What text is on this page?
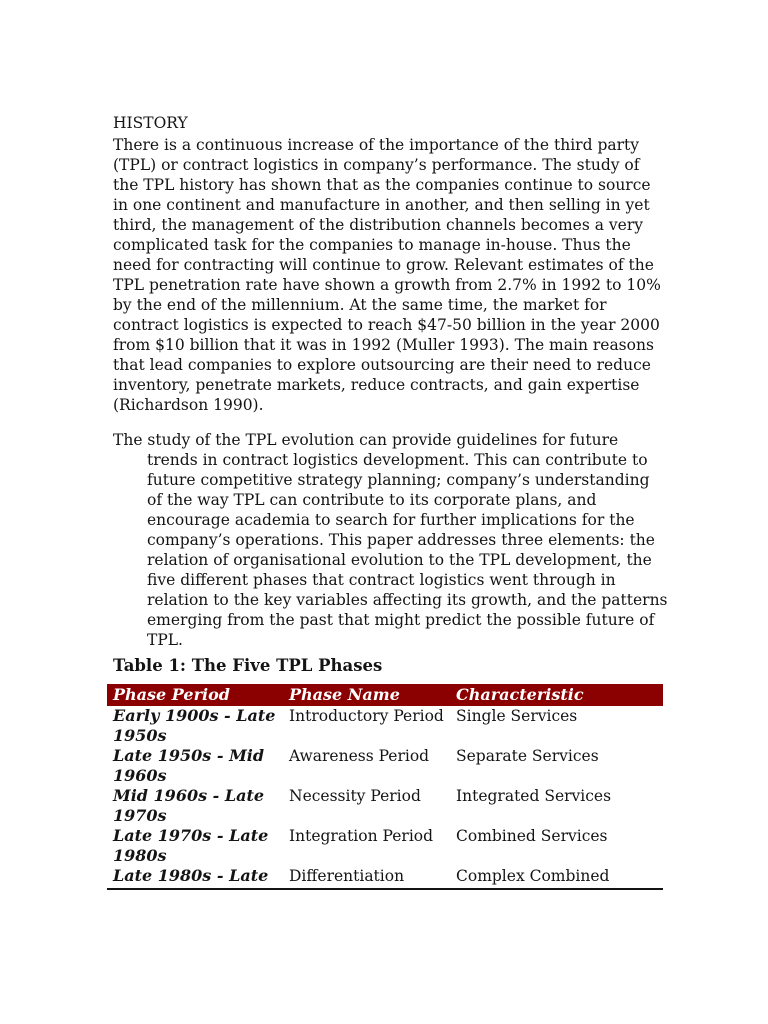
HISTORY
There is a continuous increase of the importance of the third party
(TPL) or contract logistics in company’s performance. The study of
the TPL history has shown that as the companies continue to source
in one continent and manufacture in another, and then selling in yet
third, the management of the distribution channels becomes a very
complicated task for the companies to manage in-house. Thus the
need for contracting will continue to grow. Relevant estimates of the
TPL penetration rate have shown a growth from 2.7% in 1992 to 10%
by the end of the millennium. At the same time, the market for
contract logistics is expected to reach $47-50 billion in the year 2000
from $10 billion that it was in 1992 (Muller 1993). The main reasons
that lead companies to explore outsourcing are their need to reduce
inventory, penetrate markets, reduce contracts, and gain expertise
(Richardson 1990).
The study of the TPL evolution can provide guidelines for future
trends in contract logistics development. This can contribute to
future competitive strategy planning; company’s understanding
of the way TPL can contribute to its corporate plans, and
encourage academia to search for further implications for the
company’s operations. This paper addresses three elements: the
relation of organisational evolution to the TPL development, the
five different phases that contract logistics went through in
relation to the key variables affecting its growth, and the patterns
emerging from the past that might predict the possible future of
TPL.
Table 1: The Five TPL Phases
Phase Period	Phase Name	Characteristic
Early 1900s - Late 1950s	Introductory Period	Single Services
Late 1950s - Mid 1960s	Awareness Period	Separate Services
Mid 1960s - Late 1970s	Necessity Period	Integrated Services
Late 1970s - Late 1980s	Integration Period	Combined Services
Late 1980s - Late	Differentiation	Complex Combined
